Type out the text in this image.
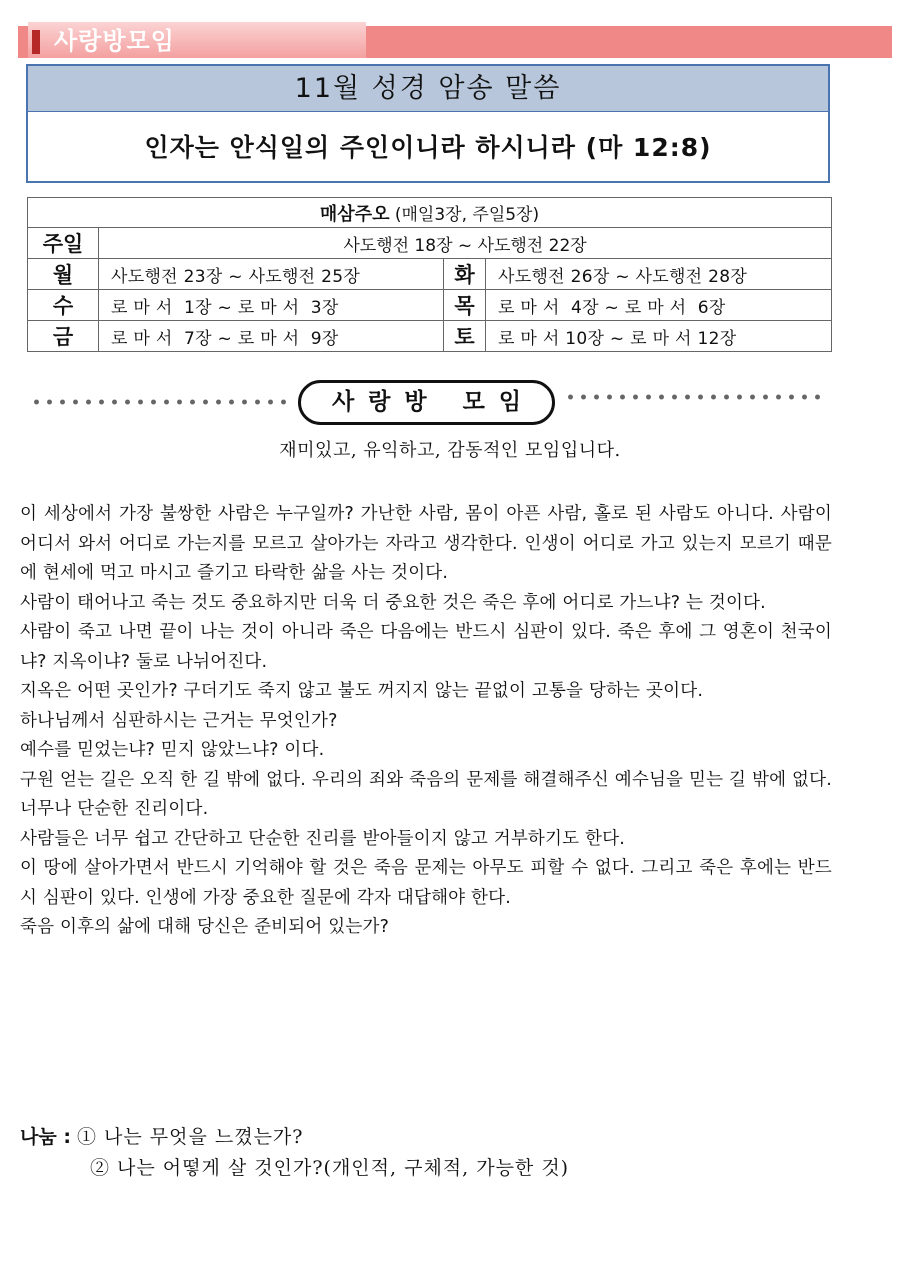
사랑방모임
11월 성경 암송 말씀
인자는 안식일의 주인이니라 하시니라 (마 12:8)
매삼주오 (매일3장, 주일5장)			
주일	사도행전 18장 ~ 사도행전 22장		
월	사도행전 23장 ~ 사도행전 25장	화	사도행전 26장 ~ 사도행전 28장
수	로 마 서  1장 ~ 로 마 서  3장	목	로 마 서  4장 ~ 로 마 서  6장
금	로 마 서  7장 ~ 로 마 서  9장	토	로 마 서 10장 ~ 로 마 서 12장
사랑방 모임
재미있고, 유익하고, 감동적인 모임입니다.

이 세상에서 가장 불쌍한 사람은 누구일까? 가난한 사람, 몸이 아픈 사람, 홀로 된 사람도 아니다. 사람이 어디서 와서 어디로 가는지를 모르고 살아가는 자라고 생각한다. 인생이 어디로 가고 있는지 모르기 때문에 현세에 먹고 마시고 즐기고 타락한 삶을 사는 것이다.

사람이 태어나고 죽는 것도 중요하지만 더욱 더 중요한 것은 죽은 후에 어디로 가느냐? 는 것이다.

사람이 죽고 나면 끝이 나는 것이 아니라 죽은 다음에는 반드시 심판이 있다. 죽은 후에 그 영혼이 천국이냐? 지옥이냐? 둘로 나뉘어진다.

지옥은 어떤 곳인가? 구더기도 죽지 않고 불도 꺼지지 않는 끝없이 고통을 당하는 곳이다.

하나님께서 심판하시는 근거는 무엇인가?

예수를 믿었는냐? 믿지 않았느냐? 이다.

구원 얻는 길은 오직 한 길 밖에 없다. 우리의 죄와 죽음의 문제를 해결해주신 예수님을 믿는 길 밖에 없다. 너무나 단순한 진리이다.

사람들은 너무 쉽고 간단하고 단순한 진리를 받아들이지 않고 거부하기도 한다.

이 땅에 살아가면서 반드시 기억해야 할 것은 죽음 문제는 아무도 피할 수 없다. 그리고 죽은 후에는 반드시 심판이 있다. 인생에 가장 중요한 질문에 각자 대답해야 한다.

죽음 이후의 삶에 대해 당신은 준비되어 있는가?

나눔 : ① 나는 무엇을 느꼈는가?
② 나는 어떻게 살 것인가?(개인적, 구체적, 가능한 것)
